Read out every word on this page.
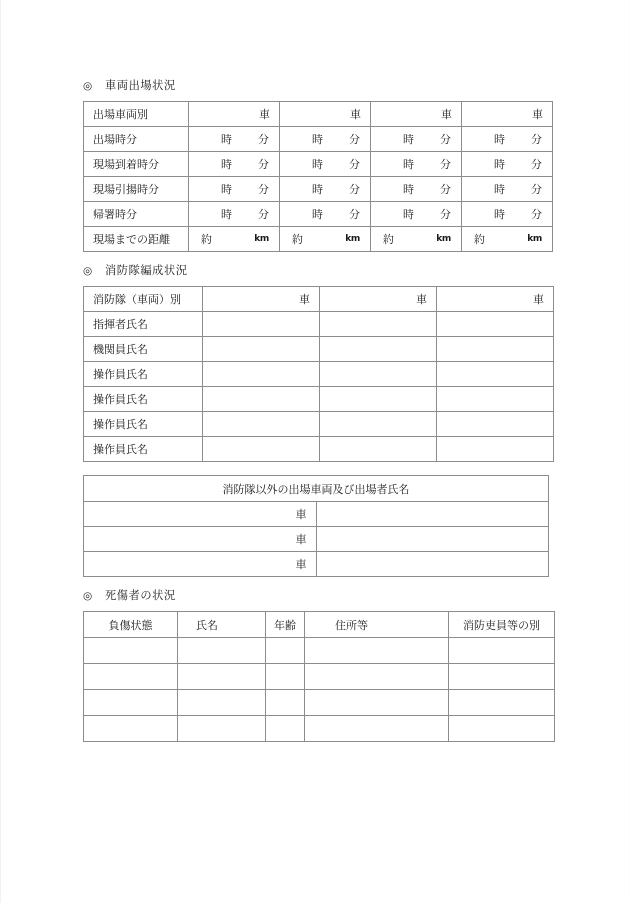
◎ 車両出場状況
出場車両別	車	車	車	車

出場時分	時 分	時 分	時 分	時 分

現場到着時分	時 分	時 分	時 分	時 分

現場引揚時分	時 分	時 分	時 分	時 分

帰署時分	時 分	時 分	時 分	時 分

現場までの距離	約 km	約 km	約 km	約 km
◎ 消防隊編成状況
消防隊（車両）別	車	車	車

指揮者氏名			

機関員氏名			

操作員氏名			

操作員氏名			

操作員氏名			

操作員氏名			

消防隊以外の出場車両及び出場者氏名	

車	

車	

車	

◎ 死傷者の状況
負傷状態	氏名	年齢	住所等	消防吏員等の別
